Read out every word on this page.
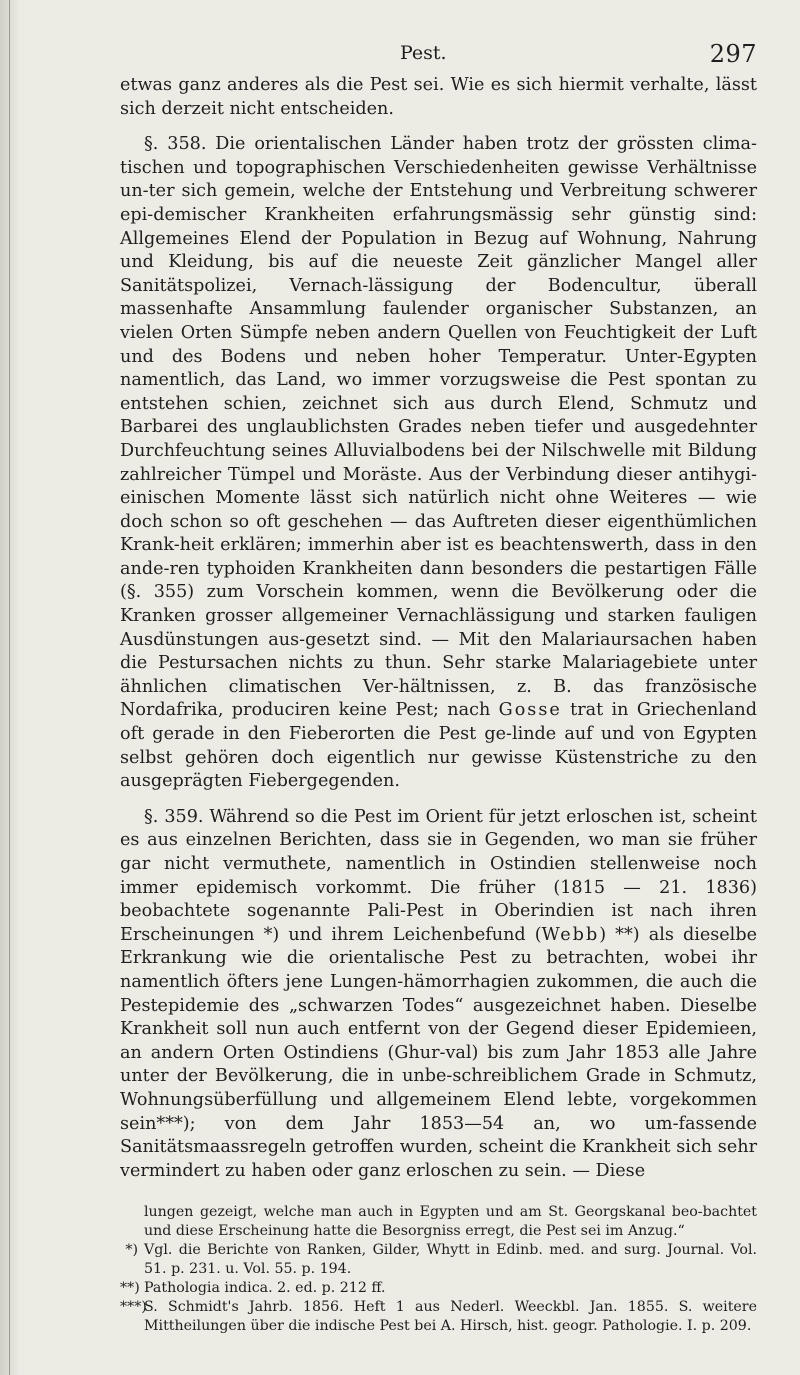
Pest.	297

etwas ganz anderes als die Pest sei. Wie es sich hiermit verhalte, lässt sich derzeit nicht entscheiden.

§. 358. Die orientalischen Länder haben trotz der grössten clima-tischen und topographischen Verschiedenheiten gewisse Verhältnisse un-ter sich gemein, welche der Entstehung und Verbreitung schwerer epi-demischer Krankheiten erfahrungsmässig sehr günstig sind: Allgemeines Elend der Population in Bezug auf Wohnung, Nahrung und Kleidung, bis auf die neueste Zeit gänzlicher Mangel aller Sanitätspolizei, Vernach-lässigung der Bodencultur, überall massenhafte Ansammlung faulender organischer Substanzen, an vielen Orten Sümpfe neben andern Quellen von Feuchtigkeit der Luft und des Bodens und neben hoher Temperatur. Unter-Egypten namentlich, das Land, wo immer vorzugsweise die Pest spontan zu entstehen schien, zeichnet sich aus durch Elend, Schmutz und Barbarei des unglaublichsten Grades neben tiefer und ausgedehnter Durchfeuchtung seines Alluvialbodens bei der Nilschwelle mit Bildung zahlreicher Tümpel und Moräste. Aus der Verbindung dieser antihygi-einischen Momente lässt sich natürlich nicht ohne Weiteres — wie doch schon so oft geschehen — das Auftreten dieser eigenthümlichen Krank-heit erklären; immerhin aber ist es beachtenswerth, dass in den ande-ren typhoiden Krankheiten dann besonders die pestartigen Fälle (§. 355) zum Vorschein kommen, wenn die Bevölkerung oder die Kranken grosser allgemeiner Vernachlässigung und starken fauligen Ausdünstungen aus-gesetzt sind. — Mit den Malariaursachen haben die Pestursachen nichts zu thun. Sehr starke Malariagebiete unter ähnlichen climatischen Ver-hältnissen, z. B. das französische Nordafrika, produciren keine Pest; nach Gosse trat in Griechenland oft gerade in den Fieberorten die Pest ge-linde auf und von Egypten selbst gehören doch eigentlich nur gewisse Küstenstriche zu den ausgeprägten Fiebergegenden.

§. 359. Während so die Pest im Orient für jetzt erloschen ist, scheint es aus einzelnen Berichten, dass sie in Gegenden, wo man sie früher gar nicht vermuthete, namentlich in Ostindien stellenweise noch immer epidemisch vorkommt. Die früher (1815 — 21. 1836) beobachtete sogenannte Pali-Pest in Oberindien ist nach ihren Erscheinungen *) und ihrem Leichenbefund (Webb) **) als dieselbe Erkrankung wie die orientalische Pest zu betrachten, wobei ihr namentlich öfters jene Lungen-hämorrhagien zukommen, die auch die Pestepidemie des „schwarzen Todes“ ausgezeichnet haben. Dieselbe Krankheit soll nun auch entfernt von der Gegend dieser Epidemieen, an andern Orten Ostindiens (Ghur-val) bis zum Jahr 1853 alle Jahre unter der Bevölkerung, die in unbe-schreiblichem Grade in Schmutz, Wohnungsüberfüllung und allgemeinem Elend lebte, vorgekommen sein***); von dem Jahr 1853—54 an, wo um-fassende Sanitätsmaassregeln getroffen wurden, scheint die Krankheit sich sehr vermindert zu haben oder ganz erloschen zu sein. — Diese

lungen gezeigt, welche man auch in Egypten und am St. Georgskanal beo-bachtet und diese Erscheinung hatte die Besorgniss erregt, die Pest sei im Anzug.“

*) Vgl. die Berichte von Ranken, Gilder, Whytt in Edinb. med. and surg. Journal. Vol. 51. p. 231. u. Vol. 55. p. 194.
**) Pathologia indica. 2. ed. p. 212 ff.
***)
S. Schmidt's Jahrb. 1856. Heft 1 aus Nederl. Weeckbl. Jan. 1855. S. weitere Mittheilungen über die indische Pest bei A. Hirsch, hist. geogr. Pathologie. I. p. 209.
